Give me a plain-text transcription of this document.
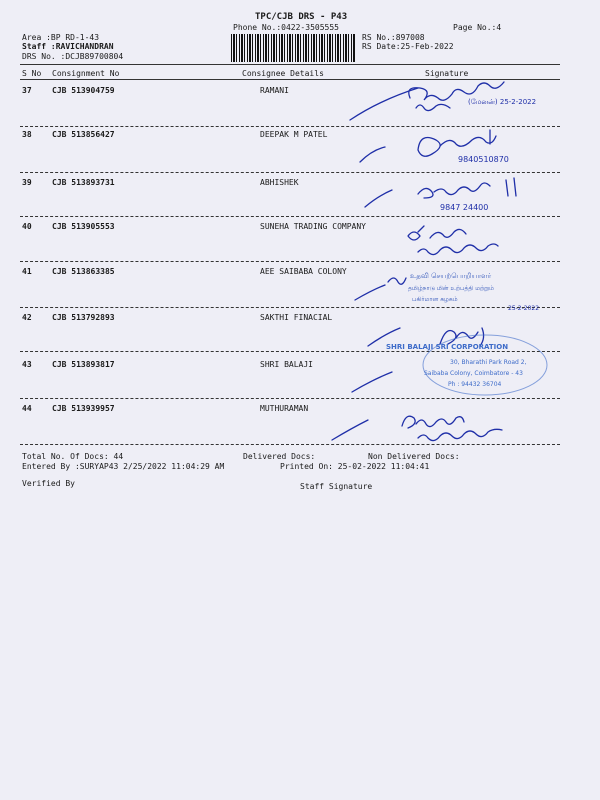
TPC/CJB DRS - P43
Phone No.:0422-3505555	Page No.:4
Area :BP RD-1-43
Staff :RAVICHANDRAN
DRS No. :DCJB89700804
RS No.:897008
RS Date:25-Feb-2022
S No Consignment No	Consignee Details	Signature
37	CJB 513904759	RAMANI
38	CJB 513856427	DEEPAK M PATEL
39	CJB 513893731	ABHISHEK
40	CJB 513905553	SUNEHA TRADING COMPANY
41	CJB 513863385	AEE SAIBABA COLONY
42	CJB 513792893	SAKTHI FINACIAL
43	CJB 513893817	SHRI BALAJI
44	CJB 513939957	MUTHURAMAN
(மேனன்) 25-2-2022
9840510870
9847 24400
25-2-2022
உதவி செயற்பொறியாளர்
தமிழ்நாடு மின் உற்பத்தி மற்றும்
பகிர்மான கழகம்
SHRI BALAJI SRI CORPORATION
30, Bharathi Park Road 2,
Saibaba Colony, Coimbatore - 43
Ph : 94432 36704
Total No. Of Docs: 44	Delivered Docs:	Non Delivered Docs:
Entered By :SURYAP43 2/25/2022 11:04:29 AM	Printed On: 25-02-2022 11:04:41
Verified By	Staff Signature
